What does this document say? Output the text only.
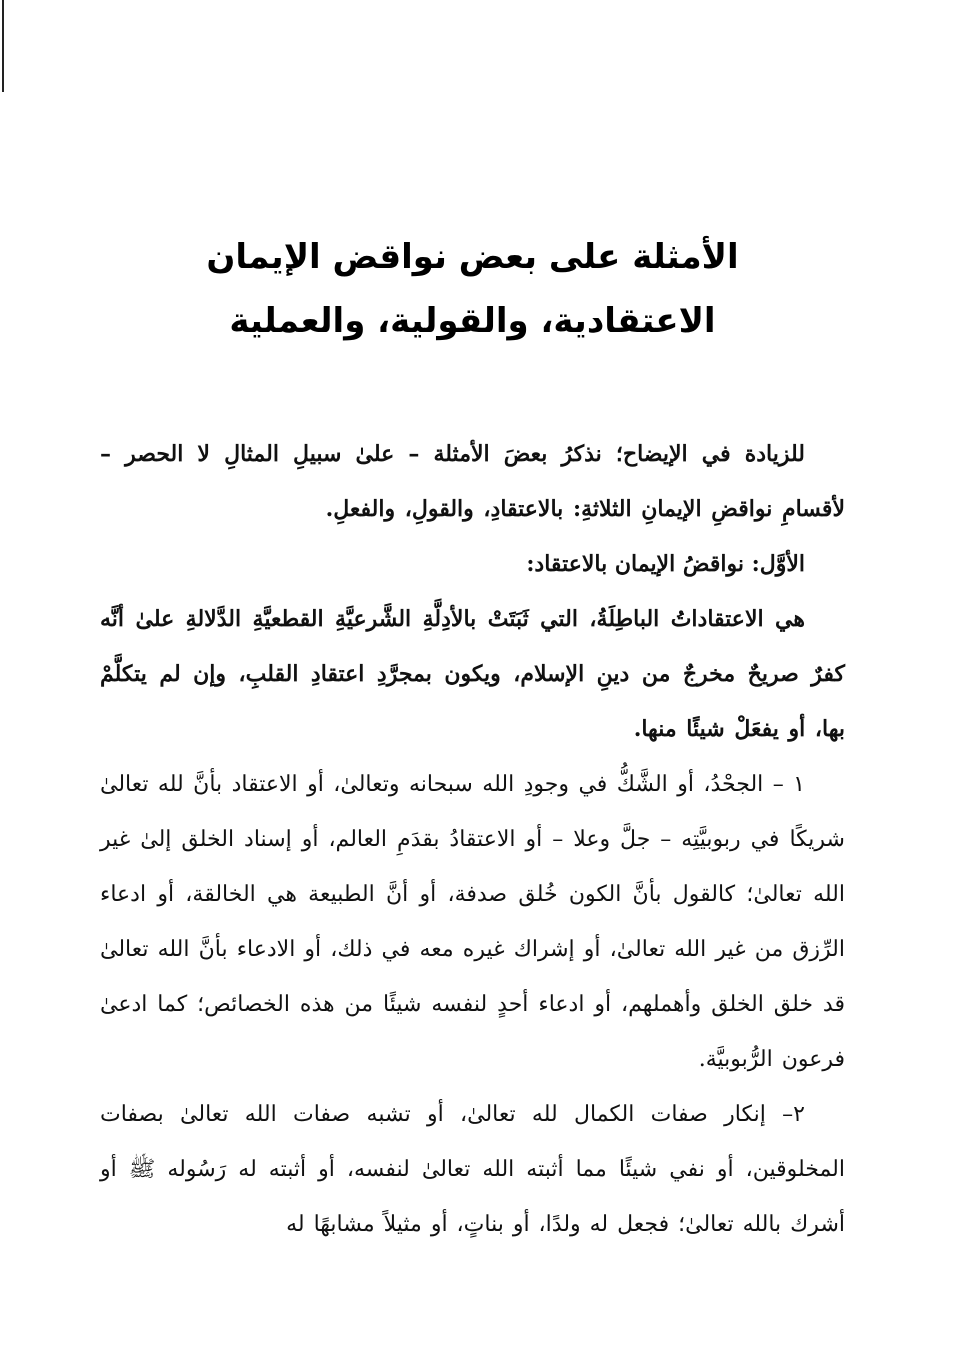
الأمثلة على بعض نواقض الإيمان
الاعتقادية، والقولية، والعملية

للزيادة في الإيضاح؛ نذكرُ بعضَ الأمثلة – علىٰ سبيلِ المثالِ لا الحصر – لأقسامِ نواقضِ الإيمانِ الثلاثةِ: بالاعتقادِ، والقولِ، والفعلِ.

الأوَّل: نواقضُ الإيمان بالاعتقاد:

هي الاعتقاداتُ الباطِلَةُ، التي ثَبَتَتْ بالأدِلَّةِ الشَّرعيَّةِ القطعيَّةِ الدَّلالةِ علىٰ أنَّه كفرٌ صريحٌ مخرجٌ من دينِ الإسلام، ويكون بمجرَّدِ اعتقادِ القلبِ، وإن لم يتكلَّمْ بها، أو يفعَلْ شيئًا منها.

١ – الجحْدُ، أو الشَّكُّ في وجودِ الله سبحانه وتعالىٰ، أو الاعتقاد بأنَّ لله تعالىٰ شريكًا في ربوبيَّتِه – جلَّ وعلا – أو الاعتقادُ بقدَمِ العالم، أو إسناد الخلق إلىٰ غير الله تعالىٰ؛ كالقول بأنَّ الكون خُلق صدفة، أو أنَّ الطبيعة هي الخالقة، أو ادعاء الرِّزق من غير الله تعالىٰ، أو إشراك غيره معه في ذلك، أو الادعاء بأنَّ الله تعالىٰ قد خلق الخلق وأهملهم، أو ادعاء أحدٍ لنفسه شيئًا من هذه الخصائص؛ كما ادعىٰ فرعون الرُّبوبيَّة.

٢– إنكار صفات الكمال لله تعالىٰ، أو تشبه صفات الله تعالىٰ بصفات المخلوقين، أو نفي شيئًا مما أثبته الله تعالىٰ لنفسه، أو أثبته له رَسُوله ﷺ أو أشرك بالله تعالىٰ؛ فجعل له ولدًا، أو بناتٍ، أو مثيلاً مشابهًا له
